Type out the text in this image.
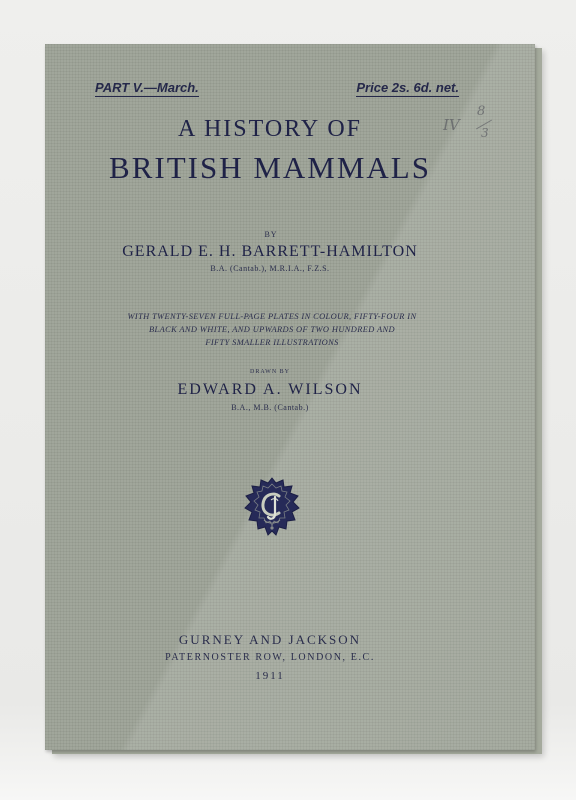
PART V.—March.	Price 2s. 6d. net.
IV
8
3
A HISTORY OF
BRITISH MAMMALS
BY
GERALD E. H. BARRETT-HAMILTON
B.A. (Cantab.), M.R.I.A., F.Z.S.
WITH TWENTY-SEVEN FULL-PAGE PLATES IN COLOUR, FIFTY-FOUR IN
BLACK AND WHITE, AND UPWARDS OF TWO HUNDRED AND
FIFTY SMALLER ILLUSTRATIONS
DRAWN BY
EDWARD A. WILSON
B.A., M.B. (Cantab.)
GURNEY AND JACKSON
PATERNOSTER ROW, LONDON, E.C.
1911
